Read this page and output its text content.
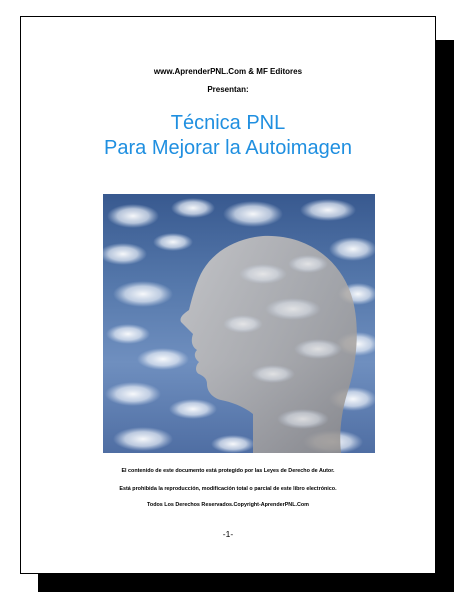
www.AprenderPNL.Com & MF Editores
Presentan:
Técnica PNL
Para Mejorar la Autoimagen
El contenido de este documento está protegido por las Leyes de Derecho de Autor.
Está prohibida la reproducción, modificación total o parcial de este libro electrónico.
Todos Los Derechos Reservados.Copyright-AprenderPNL.Com
-1-
